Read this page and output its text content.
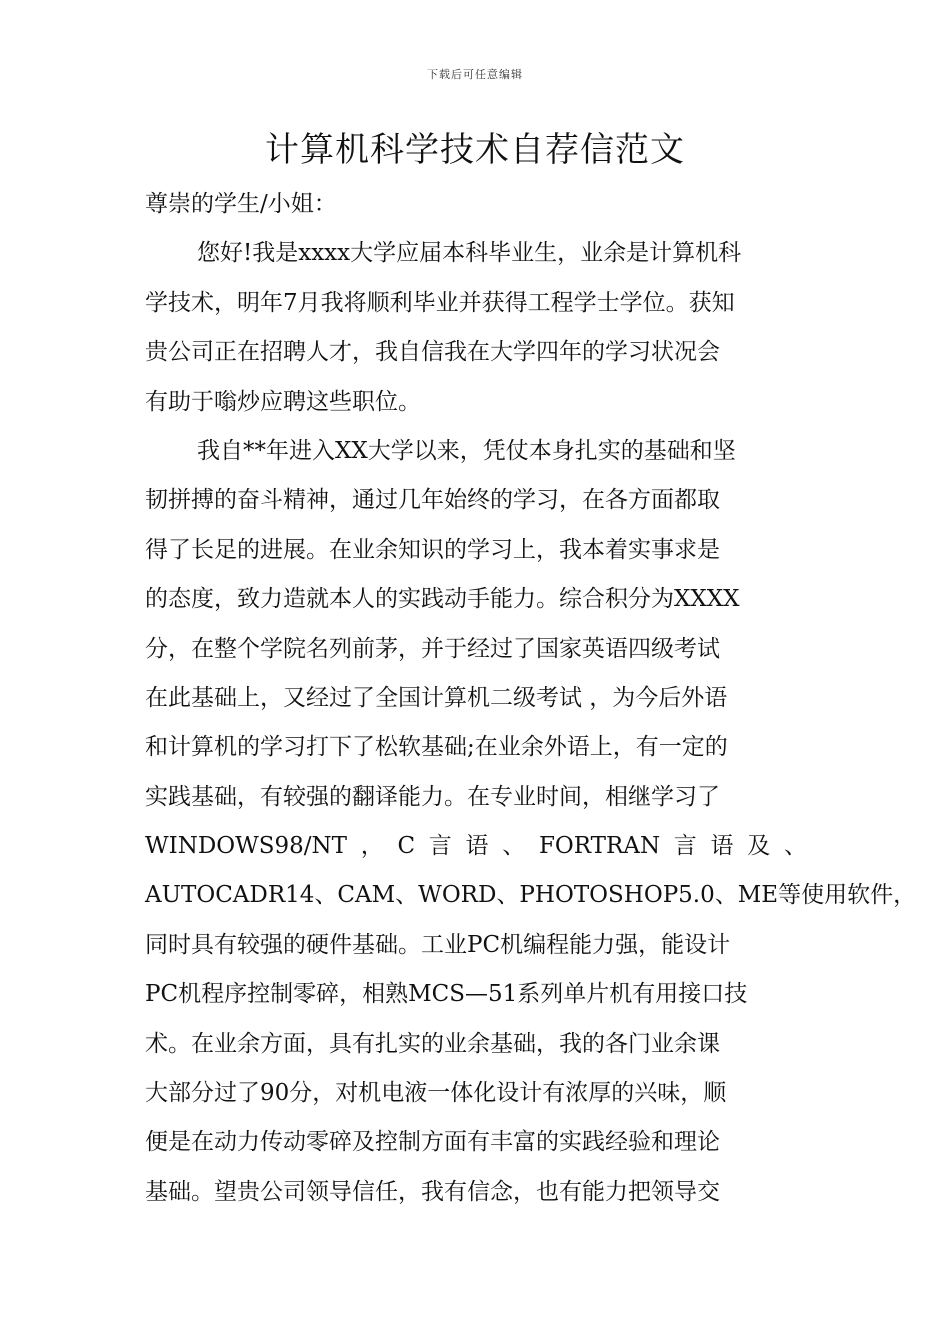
下载后可任意编辑
计算机科学技术自荐信范文
尊崇的学生/小姐：
您好!我是xxxx大学应届本科毕业生，业余是计算机科
学技术，明年7月我将顺利毕业并获得工程学士学位。获知
贵公司正在招聘人才，我自信我在大学四年的学习状况会
有助于嗡炒应聘这些职位。
我自**年进入XX大学以来，凭仗本身扎实的基础和坚
韧拼搏的奋斗精神，通过几年始终的学习，在各方面都取
得了长足的进展。在业余知识的学习上，我本着实事求是
的态度，致力造就本人的实践动手能力。综合积分为XXXX
分，在整个学院名列前茅，并于经过了国家英语四级考试
在此基础上，又经过了全国计算机二级考试 ，为今后外语
和计算机的学习打下了松软基础;在业余外语上，有一定的
实践基础，有较强的翻译能力。在专业时间，相继学习了
WINDOWS98/NT ， C 言 语 、 FORTRAN 言 语 及 、
AUTOCADR14、CAM、WORD、PHOTOSHOP5.0、ME等使用软件，
同时具有较强的硬件基础。工业PC机编程能力强，能设计
PC机程序控制零碎，相熟MCS—51系列单片机有用接口技
术。在业余方面，具有扎实的业余基础，我的各门业余课
大部分过了90分，对机电液一体化设计有浓厚的兴味，顺
便是在动力传动零碎及控制方面有丰富的实践经验和理论
基础。望贵公司领导信任，我有信念，也有能力把领导交
